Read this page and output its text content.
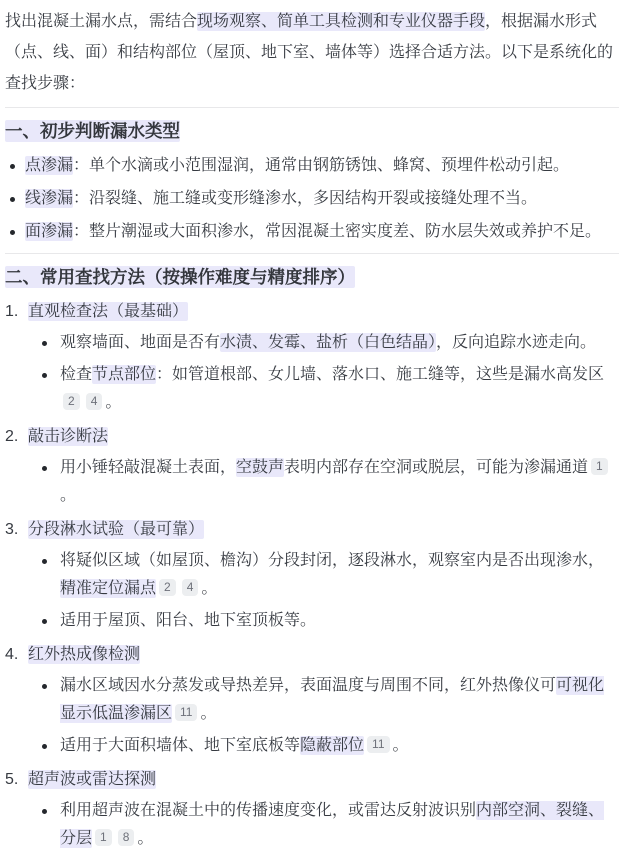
找出混凝土漏水点，需结合现场观察、简单工具检测和专业仪器手段，根据漏水形式（点、线、面）和结构部位（屋顶、地下室、墙体等）选择合适方法。以下是系统化的查找步骤：
一、初步判断漏水类型
点渗漏：单个水滴或小范围湿润，通常由钢筋锈蚀、蜂窝、预埋件松动引起。
线渗漏：沿裂缝、施工缝或变形缝渗水，多因结构开裂或接缝处理不当。
面渗漏：整片潮湿或大面积渗水，常因混凝土密实度差、防水层失效或养护不足。
二、常用查找方法（按操作难度与精度排序）
1. 直观检查法（最基础）
观察墙面、地面是否有水渍、发霉、盐析（白色结晶），反向追踪水迹走向。
检查节点部位：如管道根部、女儿墙、落水口、施工缝等，这些是漏水高发区2 4 。
2. 敲击诊断法
用小锤轻敲混凝土表面，空鼓声表明内部存在空洞或脱层，可能为渗漏通道 1。
3. 分段淋水试验（最可靠）
将疑似区域（如屋顶、檐沟）分段封闭，逐段淋水，观察室内是否出现渗水，精准定位漏点 2 4 。
适用于屋顶、阳台、地下室顶板等。
4. 红外热成像检测
漏水区域因水分蒸发或导热差异，表面温度与周围不同，红外热像仪可可视化显示低温渗漏区 11 。
适用于大面积墙体、地下室底板等隐蔽部位 11 。
5. 超声波或雷达探测
利用超声波在混凝土中的传播速度变化，或雷达反射波识别内部空洞、裂缝、分层 1 8 。
